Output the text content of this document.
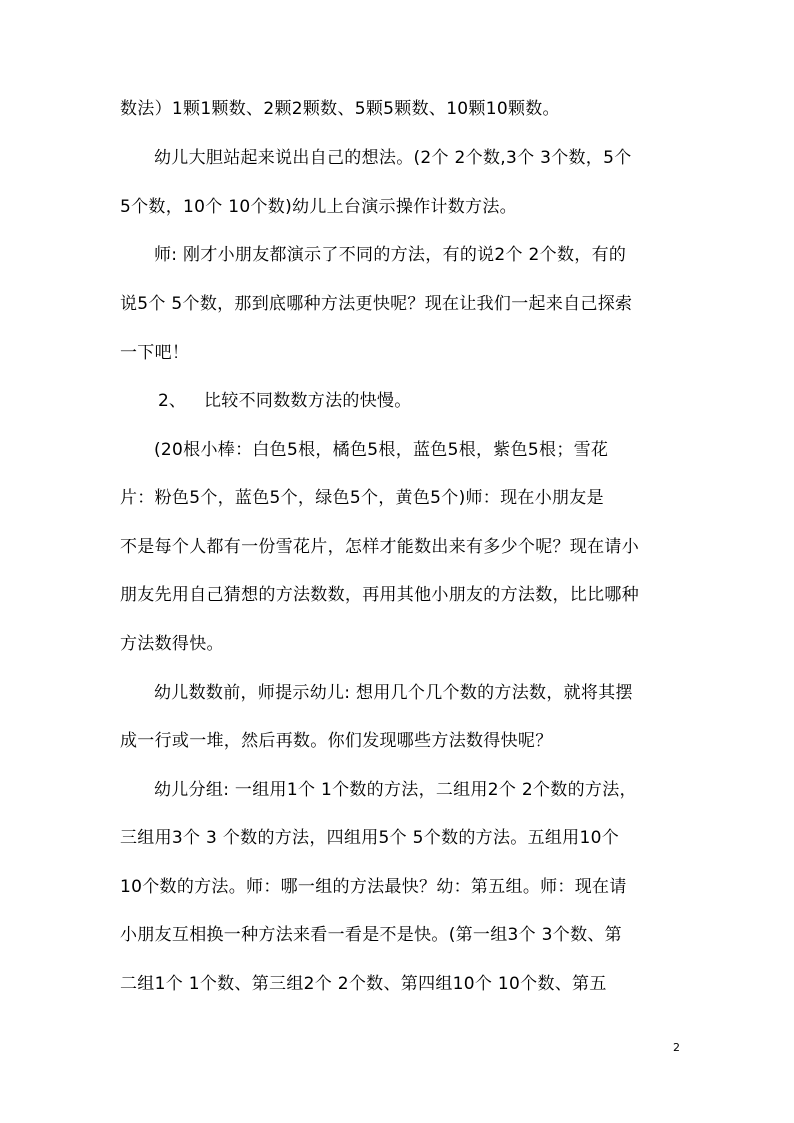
数法）1颗1颗数、2颗2颗数、5颗5颗数、10颗10颗数。
幼儿大胆站起来说出自己的想法。(2个 2个数,3个 3个数，5个
5个数，10个 10个数)幼儿上台演示操作计数方法。
师: 刚才小朋友都演示了不同的方法，有的说2个 2个数，有的
说5个 5个数，那到底哪种方法更快呢？现在让我们一起来自己探索
一下吧！
2、 比较不同数数方法的快慢。
(20根小棒：白色5根，橘色5根，蓝色5根，紫色5根；雪花
片：粉色5个，蓝色5个，绿色5个，黄色5个)师：现在小朋友是
不是每个人都有一份雪花片，怎样才能数出来有多少个呢？现在请小
朋友先用自己猜想的方法数数，再用其他小朋友的方法数，比比哪种
方法数得快。
幼儿数数前，师提示幼儿: 想用几个几个数的方法数，就将其摆
成一行或一堆，然后再数。你们发现哪些方法数得快呢？
幼儿分组: 一组用1个 1个数的方法，二组用2个 2个数的方法，
三组用3个 3 个数的方法，四组用5个 5个数的方法。五组用10个
10个数的方法。师：哪一组的方法最快？幼：第五组。师：现在请
小朋友互相换一种方法来看一看是不是快。(第一组3个 3个数、第
二组1个 1个数、第三组2个 2个数、第四组10个 10个数、第五
2
